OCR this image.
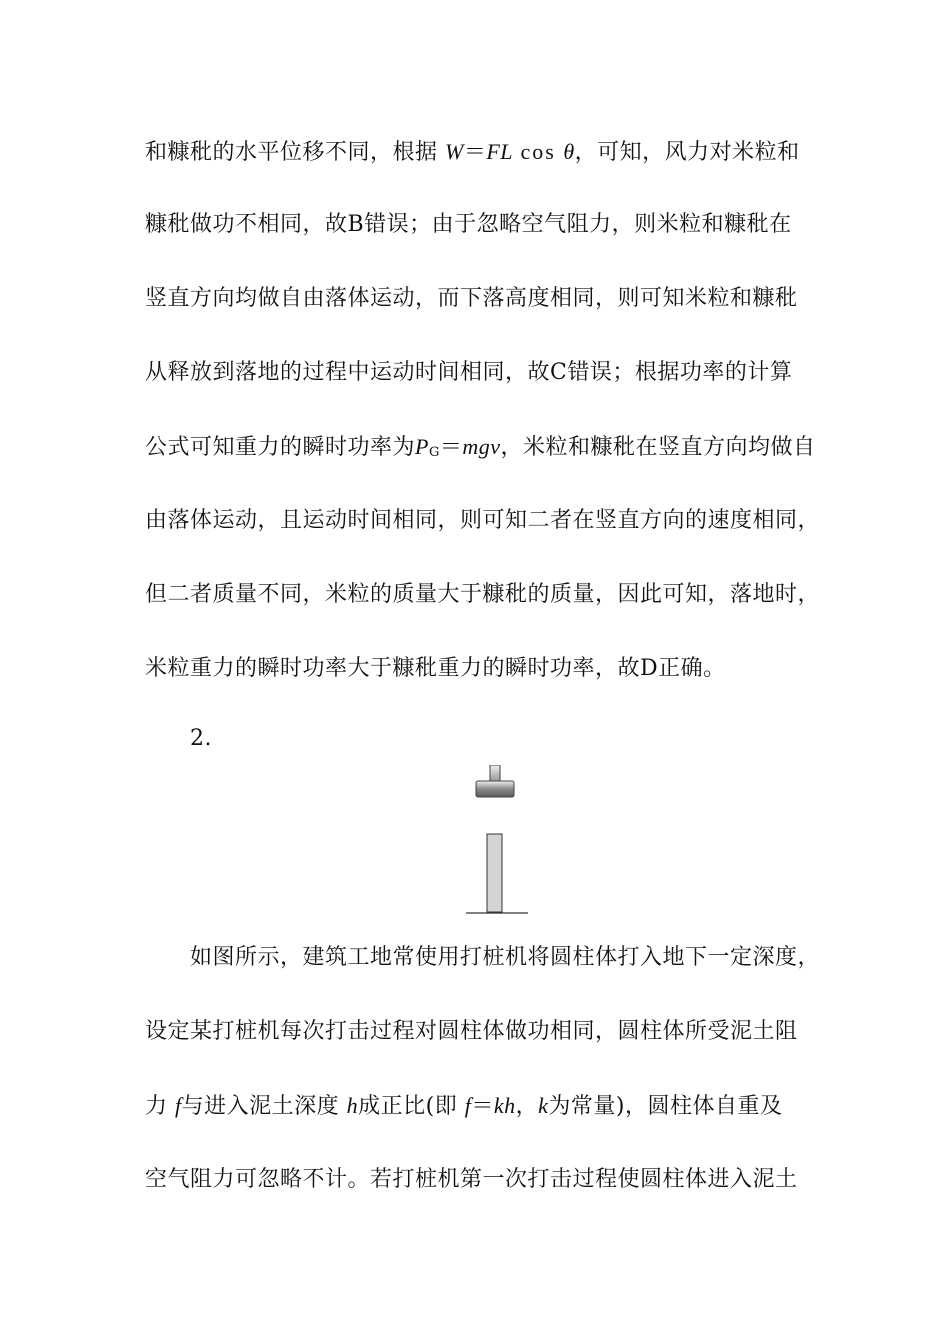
和糠秕的水平位移不同，根据 W＝FL cos θ，可知，风力对米粒和
糠秕做功不相同，故B错误；由于忽略空气阻力，则米粒和糠秕在
竖直方向均做自由落体运动，而下落高度相同，则可知米粒和糠秕
从释放到落地的过程中运动时间相同，故C错误；根据功率的计算
公式可知重力的瞬时功率为$P_G=mgv$，米粒和糠秕在竖直方向均做自
由落体运动，且运动时间相同，则可知二者在竖直方向的速度相同，
但二者质量不同，米粒的质量大于糠秕的质量，因此可知，落地时，
米粒重力的瞬时功率大于糠秕重力的瞬时功率，故D正确。
2.
如图所示，建筑工地常使用打桩机将圆柱体打入地下一定深度，
设定某打桩机每次打击过程对圆柱体做功相同，圆柱体所受泥土阻
力 f与进入泥土深度 h成正比(即 f＝kh，k为常量)，圆柱体自重及
空气阻力可忽略不计。若打桩机第一次打击过程使圆柱体进入泥土
